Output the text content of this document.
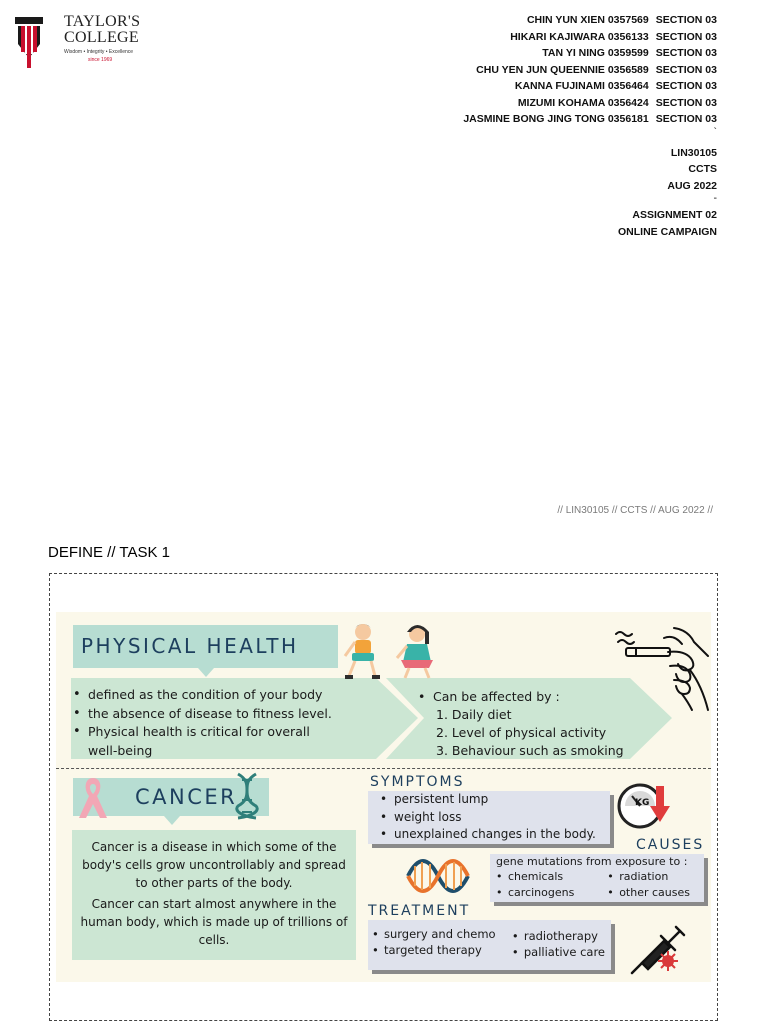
TAYLOR'S
COLLEGE
Wisdom • Integrity • Excellence
since 1969
CHIN YUN XIEN 0357569 SECTION 03
HIKARI KAJIWARA 0356133 SECTION 03
TAN YI NING 0359599 SECTION 03
CHU YEN JUN QUEENNIE 0356589 SECTION 03
KANNA FUJINAMI 0356464 SECTION 03
MIZUMI KOHAMA 0356424 SECTION 03
JASMINE BONG JING TONG 0356181 SECTION 03
`
LIN30105
CCTS
AUG 2022
-
ASSIGNMENT 02
ONLINE CAMPAIGN
// LIN30105 // CCTS // AUG 2022 //
DEFINE // TASK 1
PHYSICAL HEALTH
• defined as the condition of your body
• the absence of disease to fitness level.
• Physical health is critical for overall
well-being
• Can be affected by :
1. Daily diet
2. Level of physical activity
3. Behaviour such as smoking
CANCER

Cancer is a disease in which some of the body's cells grow uncontrollably and spread to other parts of the body.

Cancer can start almost anywhere in the human body, which is made up of trillions of cells.

SYMPTOMS
• persistent lump
• weight loss
• unexplained changes in the body.
KG
CAUSES
gene mutations from exposure to :
• chemicals
• carcinogens
• radiation
• other causes
TREATMENT
• surgery and chemo
• targeted therapy
• radiotherapy
• palliative care
